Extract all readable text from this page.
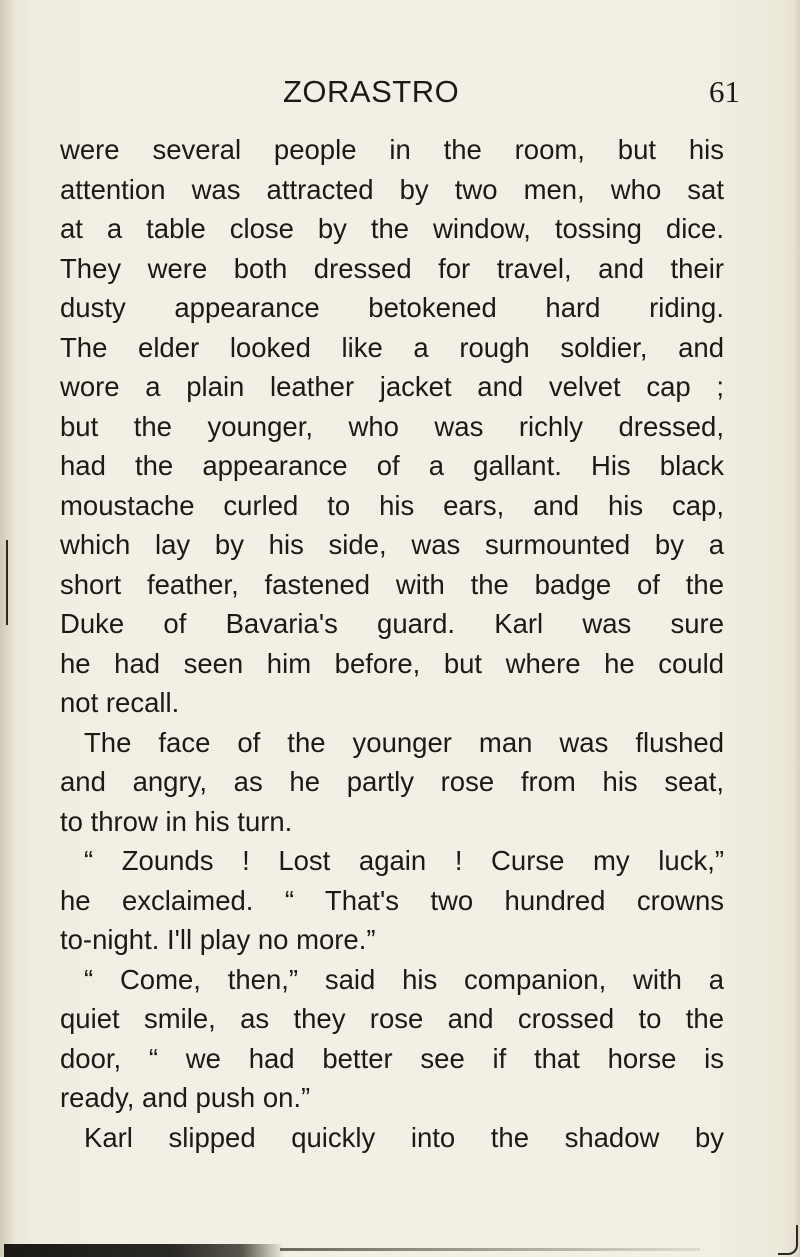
ZORASTRO	61
were several people in the room, but his
attention was attracted by two men, who sat
at a table close by the window, tossing dice.
They were both dressed for travel, and their
dusty appearance betokened hard riding.
The elder looked like a rough soldier, and
wore a plain leather jacket and velvet cap ;
but the younger, who was richly dressed,
had the appearance of a gallant. His black
moustache curled to his ears, and his cap,
which lay by his side, was surmounted by a
short feather, fastened with the badge of the
Duke of Bavaria's guard. Karl was sure
he had seen him before, but where he could
not recall.
The face of the younger man was flushed
and angry, as he partly rose from his seat,
to throw in his turn.
“ Zounds ! Lost again ! Curse my luck,”
he exclaimed. “ That's two hundred crowns
to-night. I'll play no more.”
“ Come, then,” said his companion, with a
quiet smile, as they rose and crossed to the
door, “ we had better see if that horse is
ready, and push on.”
Karl slipped quickly into the shadow by
